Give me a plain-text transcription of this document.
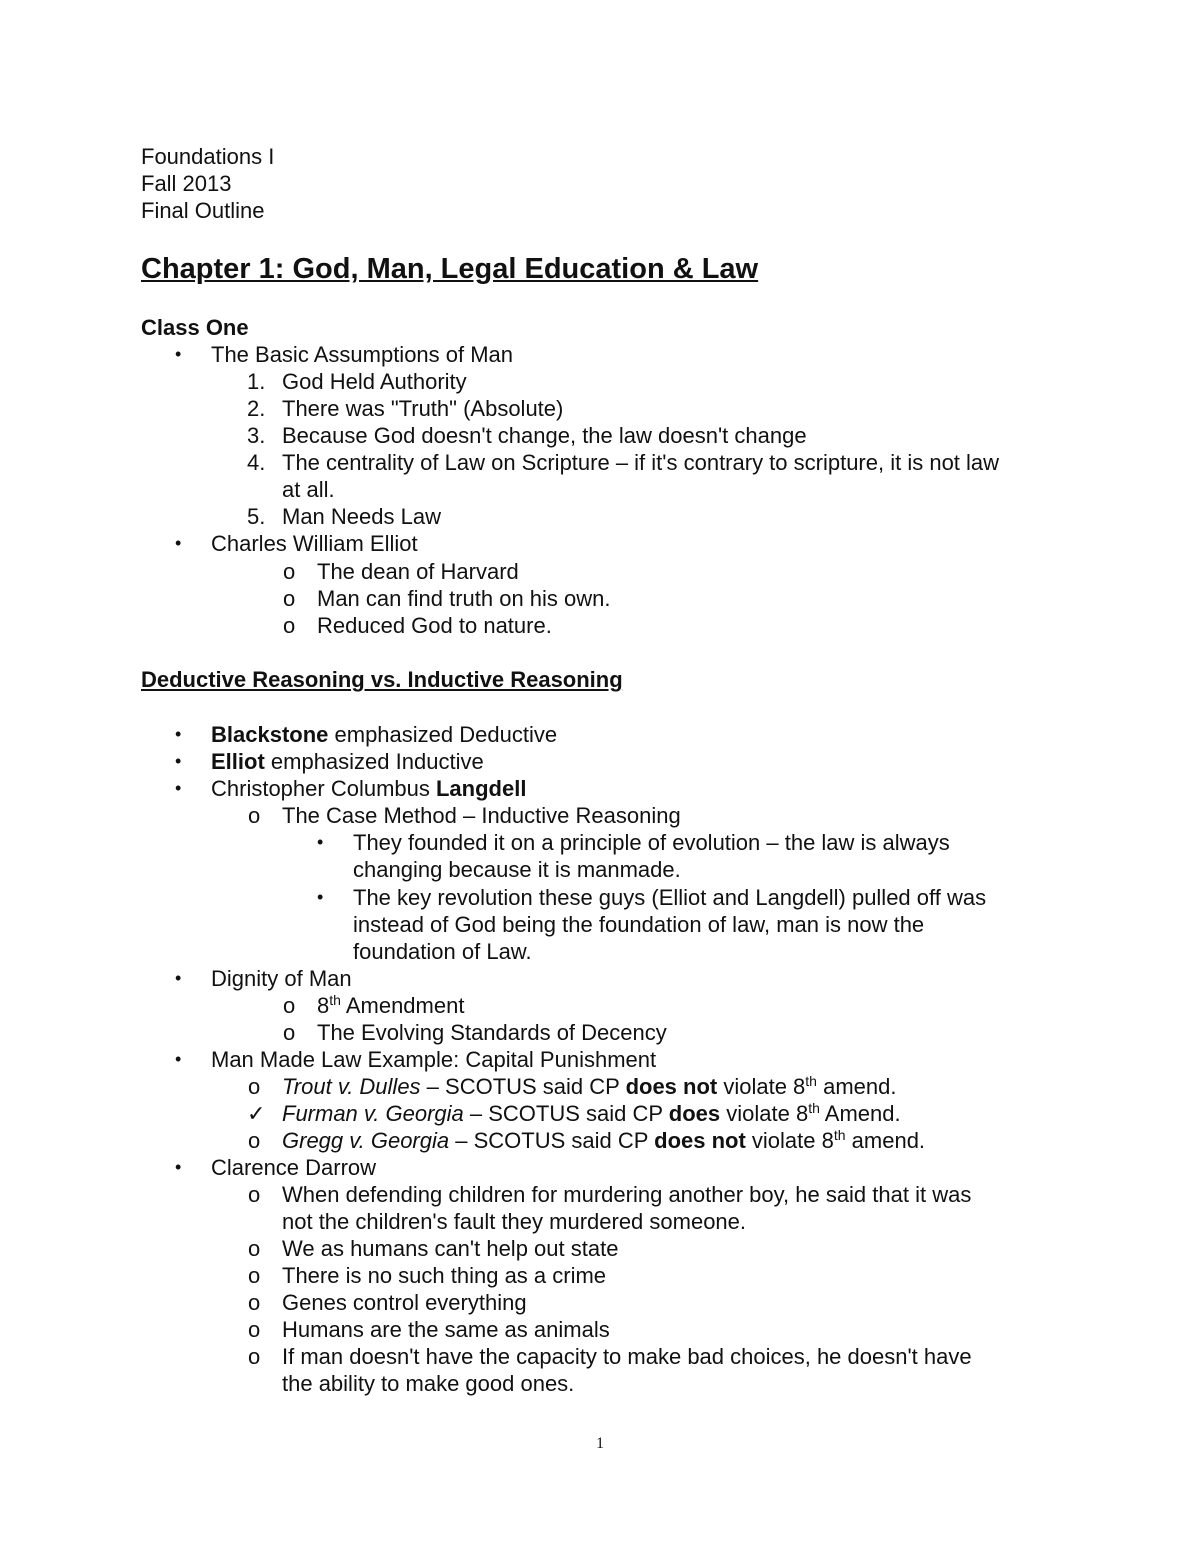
Foundations I
Fall 2013
Final Outline
Chapter 1: God, Man, Legal Education & Law
Class One
• The Basic Assumptions of Man
1. God Held Authority
2. There was "Truth" (Absolute)
3. Because God doesn't change, the law doesn't change
4. The centrality of Law on Scripture – if it's contrary to scripture, it is not law
at all.
5. Man Needs Law
• Charles William Elliot
o The dean of Harvard
o Man can find truth on his own.
o Reduced God to nature.
Deductive Reasoning vs. Inductive Reasoning
• Blackstone emphasized Deductive
• Elliot emphasized Inductive
• Christopher Columbus Langdell
o The Case Method – Inductive Reasoning
• They founded it on a principle of evolution – the law is always
changing because it is manmade.
• The key revolution these guys (Elliot and Langdell) pulled off was
instead of God being the foundation of law, man is now the
foundation of Law.
• Dignity of Man
o 8th Amendment
o The Evolving Standards of Decency
• Man Made Law Example: Capital Punishment
o Trout v. Dulles – SCOTUS said CP does not violate 8th amend.
✓ Furman v. Georgia – SCOTUS said CP does violate 8th Amend.
o Gregg v. Georgia – SCOTUS said CP does not violate 8th amend.
• Clarence Darrow
o When defending children for murdering another boy, he said that it was
not the children's fault they murdered someone.
o We as humans can't help out state
o There is no such thing as a crime
o Genes control everything
o Humans are the same as animals
o If man doesn't have the capacity to make bad choices, he doesn't have
the ability to make good ones.
1
